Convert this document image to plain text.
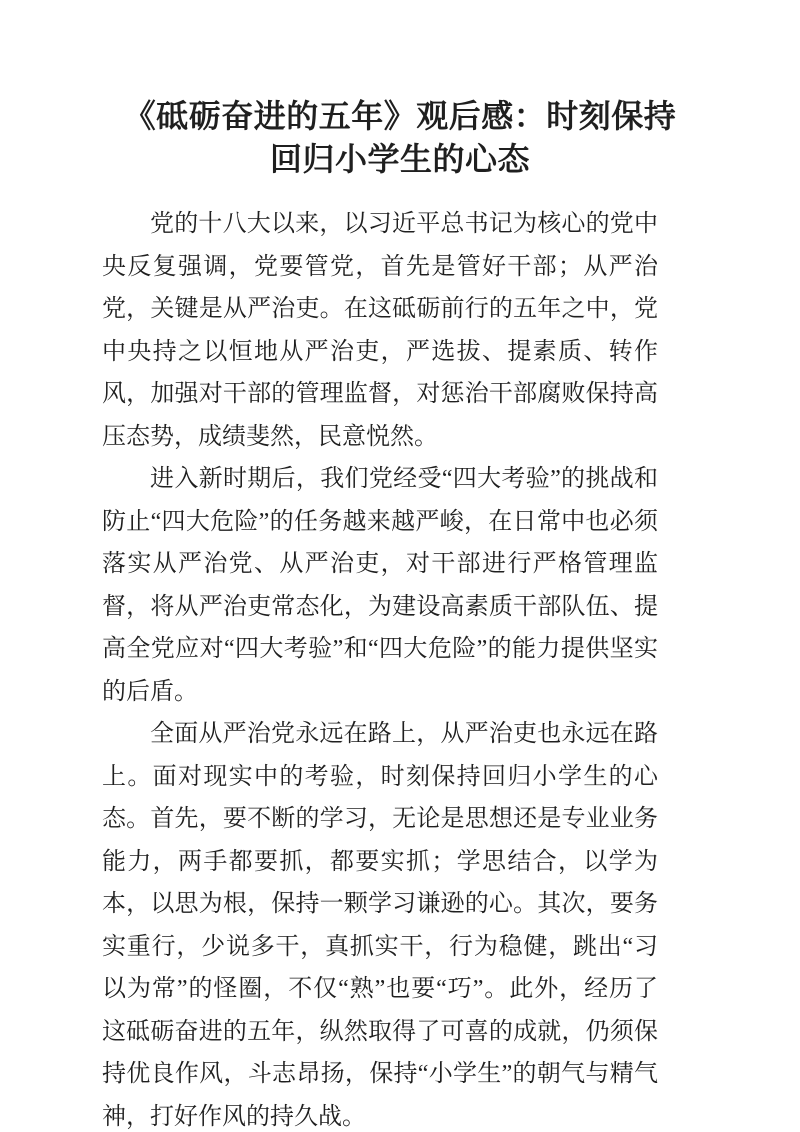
《砥砺奋进的五年》观后感：时刻保持回归小学生的心态

党的十八大以来，以习近平总书记为核心的党中央反复强调，党要管党，首先是管好干部；从严治党，关键是从严治吏。在这砥砺前行的五年之中，党中央持之以恒地从严治吏，严选拔、提素质、转作风，加强对干部的管理监督，对惩治干部腐败保持高压态势，成绩斐然，民意悦然。

进入新时期后，我们党经受“四大考验”的挑战和防止“四大危险”的任务越来越严峻，在日常中也必须落实从严治党、从严治吏，对干部进行严格管理监督，将从严治吏常态化，为建设高素质干部队伍、提高全党应对“四大考验”和“四大危险”的能力提供坚实的后盾。

全面从严治党永远在路上，从严治吏也永远在路上。面对现实中的考验，时刻保持回归小学生的心态。首先，要不断的学习，无论是思想还是专业业务能力，两手都要抓，都要实抓；学思结合，以学为本，以思为根，保持一颗学习谦逊的心。其次，要务实重行，少说多干，真抓实干，行为稳健，跳出“习以为常”的怪圈，不仅“熟”也要“巧”。此外，经历了这砥砺奋进的五年，纵然取得了可喜的成就，仍须保持优良作风，斗志昂扬，保持“小学生”的朝气与精气神，打好作风的持久战。
